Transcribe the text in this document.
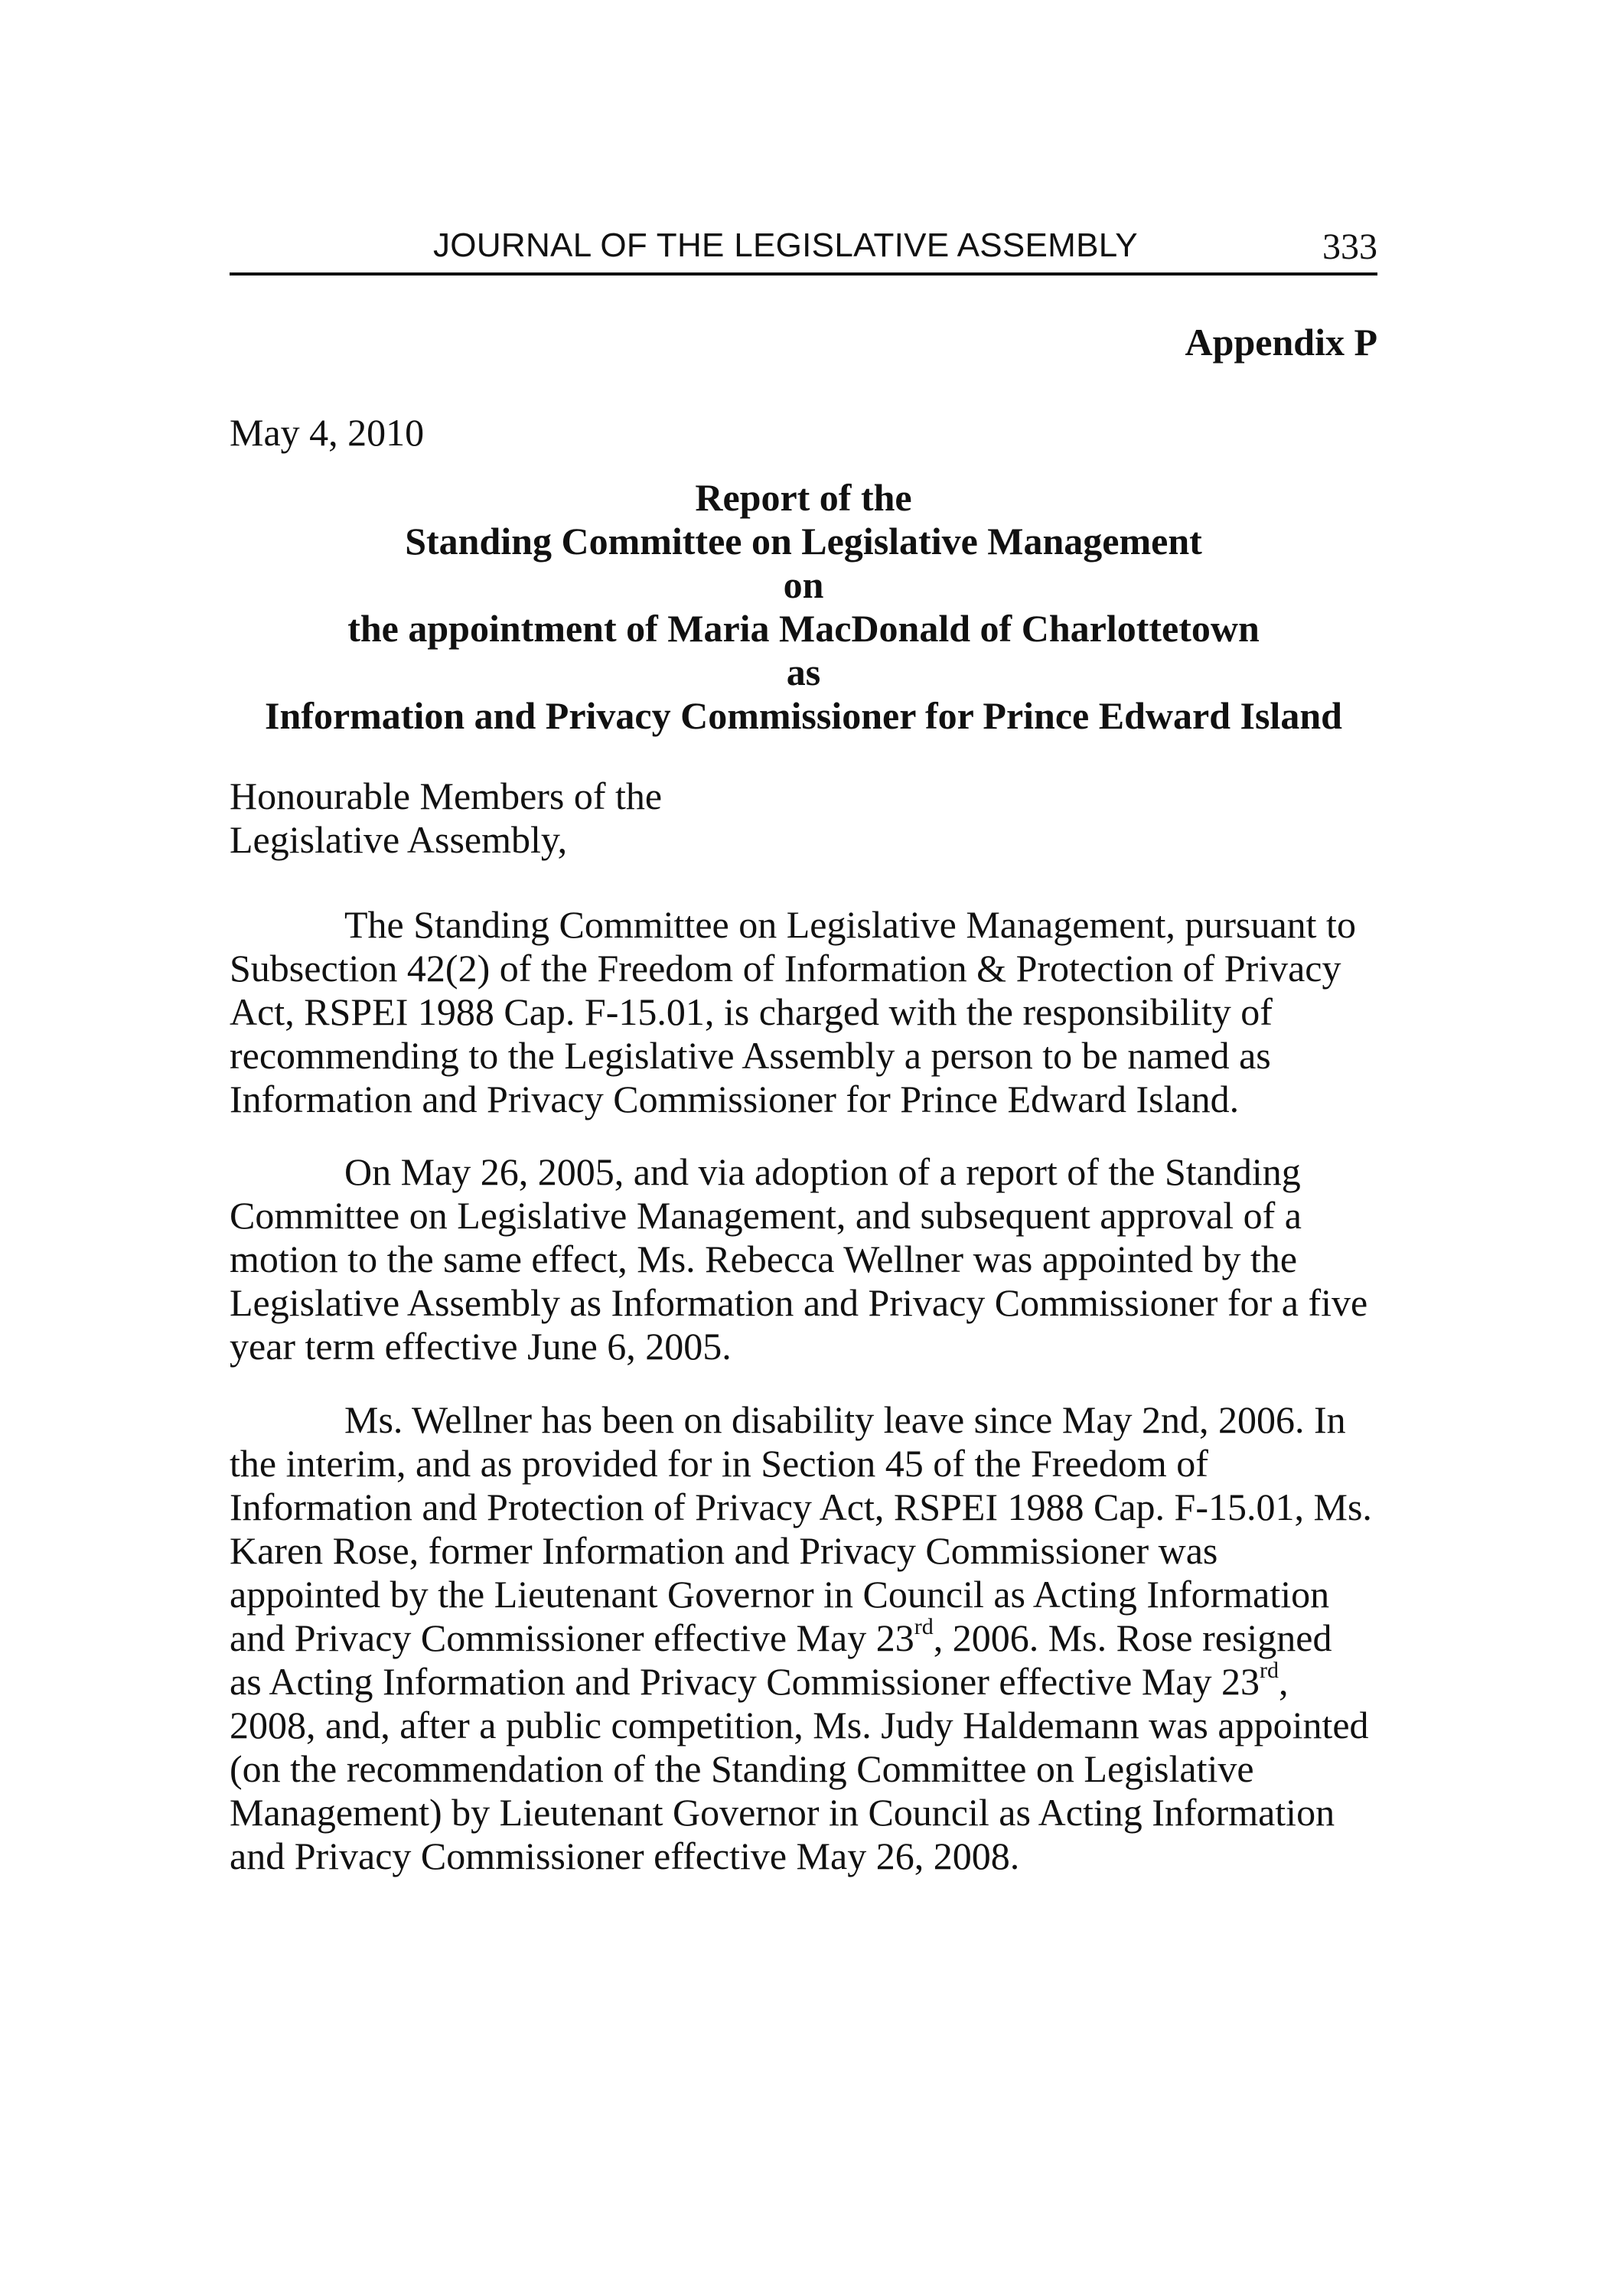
JOURNAL OF THE LEGISLATIVE ASSEMBLY	333
Appendix P
May 4, 2010
Report of the
Standing Committee on Legislative Management
on
the appointment of Maria MacDonald of Charlottetown
as
Information and Privacy Commissioner for Prince Edward Island
Honourable Members of the
Legislative Assembly,
The Standing Committee on Legislative Management, pursuant to
Subsection 42(2) of the Freedom of Information & Protection of Privacy
Act, RSPEI 1988 Cap. F-15.01, is charged with the responsibility of
recommending to the Legislative Assembly a person to be named as
Information and Privacy Commissioner for Prince Edward Island.
On May 26, 2005, and via adoption of a report of the Standing
Committee on Legislative Management, and subsequent approval of a
motion to the same effect, Ms. Rebecca Wellner was appointed by the
Legislative Assembly as Information and Privacy Commissioner for a five
year term effective June 6, 2005.
Ms. Wellner has been on disability leave since May 2nd, 2006. In
the interim, and as provided for in Section 45 of the Freedom of
Information and Protection of Privacy Act, RSPEI 1988 Cap. F-15.01, Ms.
Karen Rose, former Information and Privacy Commissioner was
appointed by the Lieutenant Governor in Council as Acting Information
and Privacy Commissioner effective May 23rd, 2006. Ms. Rose resigned
as Acting Information and Privacy Commissioner effective May 23rd,
2008, and, after a public competition, Ms. Judy Haldemann was appointed
(on the recommendation of the Standing Committee on Legislative
Management) by Lieutenant Governor in Council as Acting Information
and Privacy Commissioner effective May 26, 2008.
